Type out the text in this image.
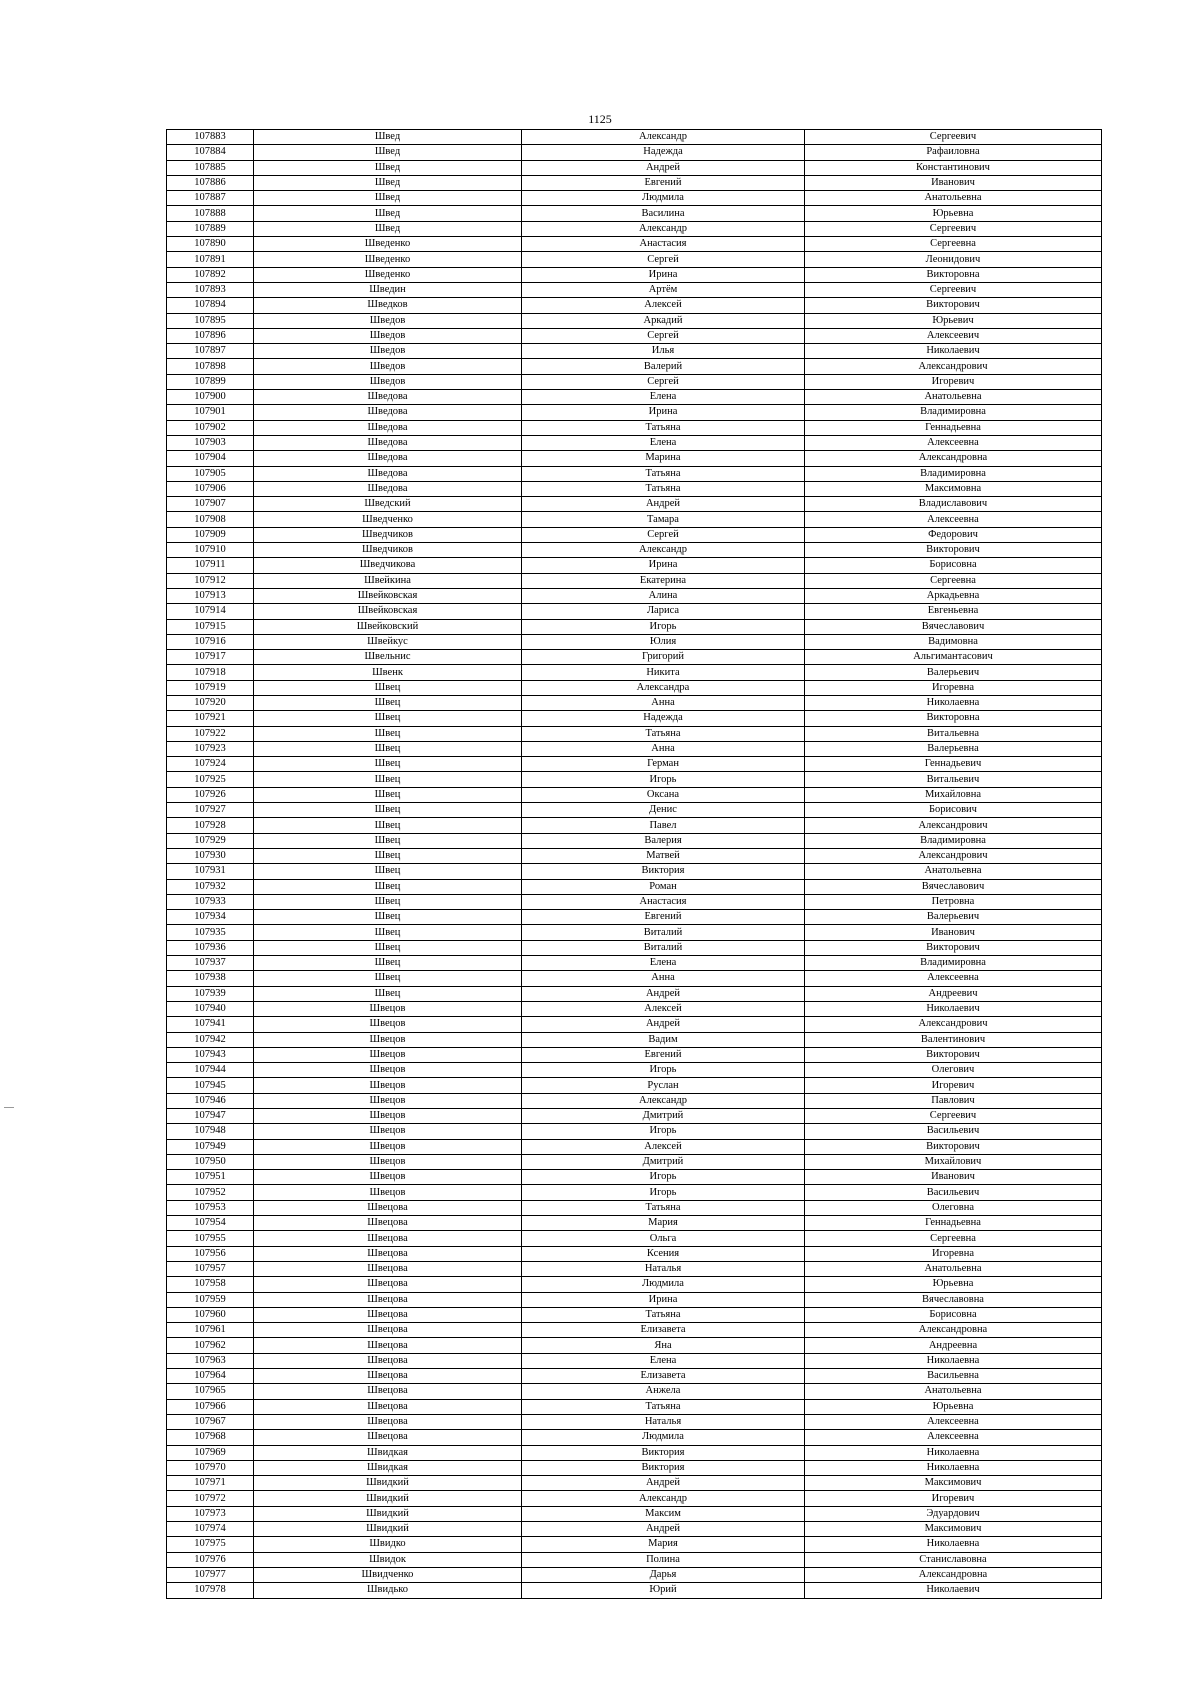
1125
107883	Швед	Александр	Сергеевич
107884	Швед	Надежда	Рафаиловна
107885	Швед	Андрей	Константинович
107886	Швед	Евгений	Иванович
107887	Швед	Людмила	Анатольевна
107888	Швед	Василина	Юрьевна
107889	Швед	Александр	Сергеевич
107890	Шведенко	Анастасия	Сергеевна
107891	Шведенко	Сергей	Леонидович
107892	Шведенко	Ирина	Викторовна
107893	Шведин	Артём	Сергеевич
107894	Шведков	Алексей	Викторович
107895	Шведов	Аркадий	Юрьевич
107896	Шведов	Сергей	Алексеевич
107897	Шведов	Илья	Николаевич
107898	Шведов	Валерий	Александрович
107899	Шведов	Сергей	Игоревич
107900	Шведова	Елена	Анатольевна
107901	Шведова	Ирина	Владимировна
107902	Шведова	Татьяна	Геннадьевна
107903	Шведова	Елена	Алексеевна
107904	Шведова	Марина	Александровна
107905	Шведова	Татьяна	Владимировна
107906	Шведова	Татьяна	Максимовна
107907	Шведский	Андрей	Владиславович
107908	Шведченко	Тамара	Алексеевна
107909	Шведчиков	Сергей	Федорович
107910	Шведчиков	Александр	Викторович
107911	Шведчикова	Ирина	Борисовна
107912	Швейкина	Екатерина	Сергеевна
107913	Швейковская	Алина	Аркадьевна
107914	Швейковская	Лариса	Евгеньевна
107915	Швейковский	Игорь	Вячеславович
107916	Швейкус	Юлия	Вадимовна
107917	Швельнис	Григорий	Альгимантасович
107918	Швенк	Никита	Валерьевич
107919	Швец	Александра	Игоревна
107920	Швец	Анна	Николаевна
107921	Швец	Надежда	Викторовна
107922	Швец	Татьяна	Витальевна
107923	Швец	Анна	Валерьевна
107924	Швец	Герман	Геннадьевич
107925	Швец	Игорь	Витальевич
107926	Швец	Оксана	Михайловна
107927	Швец	Денис	Борисович
107928	Швец	Павел	Александрович
107929	Швец	Валерия	Владимировна
107930	Швец	Матвей	Александрович
107931	Швец	Виктория	Анатольевна
107932	Швец	Роман	Вячеславович
107933	Швец	Анастасия	Петровна
107934	Швец	Евгений	Валерьевич
107935	Швец	Виталий	Иванович
107936	Швец	Виталий	Викторович
107937	Швец	Елена	Владимировна
107938	Швец	Анна	Алексеевна
107939	Швец	Андрей	Андреевич
107940	Швецов	Алексей	Николаевич
107941	Швецов	Андрей	Александрович
107942	Швецов	Вадим	Валентинович
107943	Швецов	Евгений	Викторович
107944	Швецов	Игорь	Олегович
107945	Швецов	Руслан	Игоревич
107946	Швецов	Александр	Павлович
107947	Швецов	Дмитрий	Сергеевич
107948	Швецов	Игорь	Васильевич
107949	Швецов	Алексей	Викторович
107950	Швецов	Дмитрий	Михайлович
107951	Швецов	Игорь	Иванович
107952	Швецов	Игорь	Васильевич
107953	Швецова	Татьяна	Олеговна
107954	Швецова	Мария	Геннадьевна
107955	Швецова	Ольга	Сергеевна
107956	Швецова	Ксения	Игоревна
107957	Швецова	Наталья	Анатольевна
107958	Швецова	Людмила	Юрьевна
107959	Швецова	Ирина	Вячеславовна
107960	Швецова	Татьяна	Борисовна
107961	Швецова	Елизавета	Александровна
107962	Швецова	Яна	Андреевна
107963	Швецова	Елена	Николаевна
107964	Швецова	Елизавета	Васильевна
107965	Швецова	Анжела	Анатольевна
107966	Швецова	Татьяна	Юрьевна
107967	Швецова	Наталья	Алексеевна
107968	Швецова	Людмила	Алексеевна
107969	Швидкая	Виктория	Николаевна
107970	Швидкая	Виктория	Николаевна
107971	Швидкий	Андрей	Максимович
107972	Швидкий	Александр	Игоревич
107973	Швидкий	Максим	Эдуардович
107974	Швидкий	Андрей	Максимович
107975	Швидко	Мария	Николаевна
107976	Швидок	Полина	Станиславовна
107977	Швидченко	Дарья	Александровна
107978	Швидько	Юрий	Николаевич
